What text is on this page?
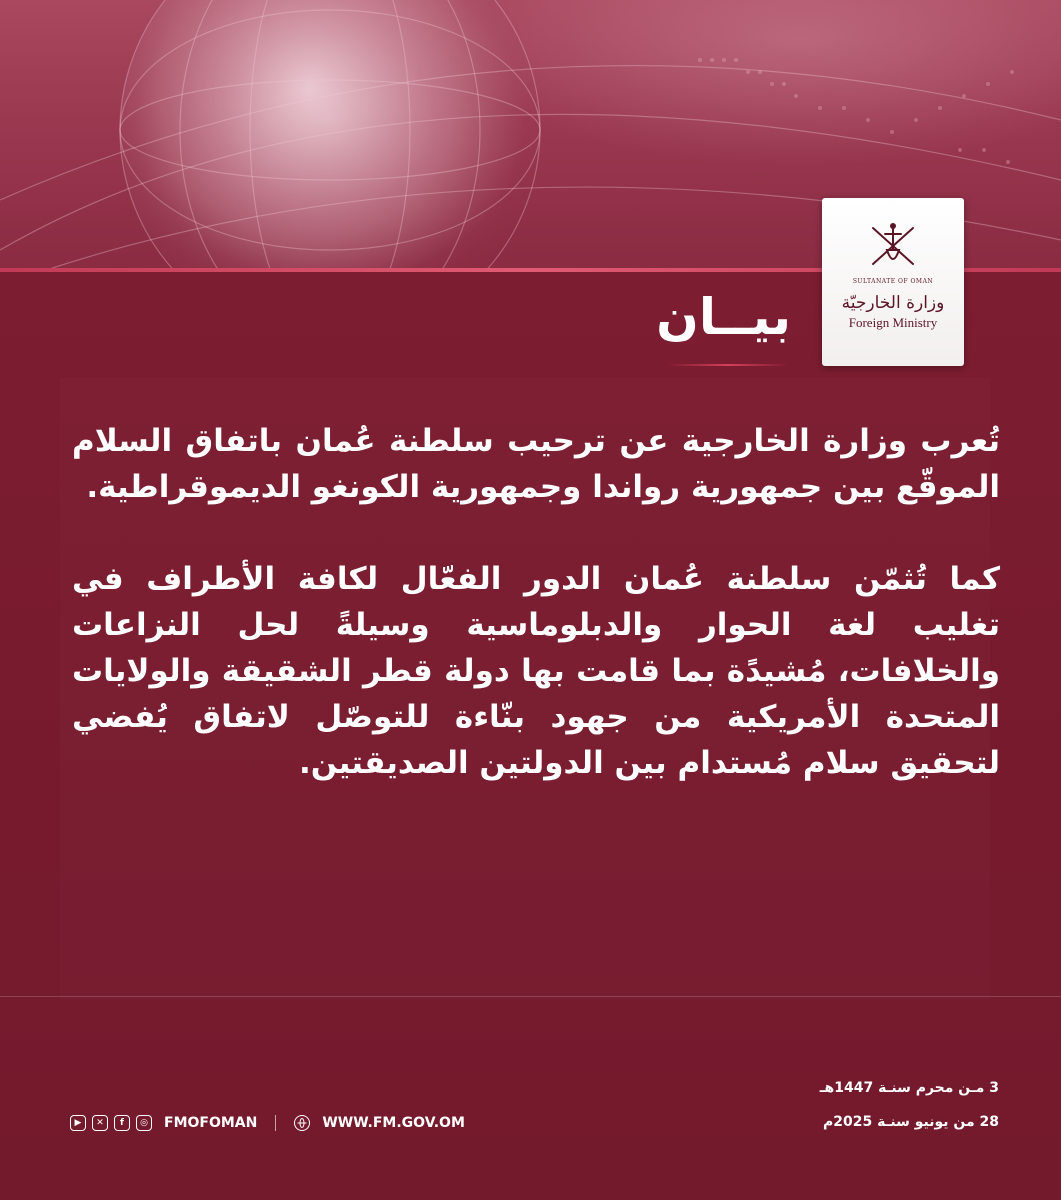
SULTANATE OF OMAN
وزارة الخارجيّة
Foreign Ministry
بيــان

تُعرب وزارة الخارجية عن ترحيب سلطنة عُمان باتفاق السلام الموقّع بين جمهورية رواندا وجمهورية الكونغو الديموقراطية.

كما تُثمّن سلطنة عُمان الدور الفعّال لكافة الأطراف في تغليب لغة الحوار والدبلوماسية وسيلةً لحل النزاعات والخلافات، مُشيدًة بما قامت بها دولة قطر الشقيقة والولايات المتحدة الأمريكية من جهود بنّاءة للتوصّل لاتفاق يُفضي لتحقيق سلام مُستدام بين الدولتين الصديقتين.

3 مـن محرم سنـة 1447هـ
28 من يونيو سنـة 2025م
▶	✕	f	◎ FMOFOMAN	WWW.FM.GOV.OM
